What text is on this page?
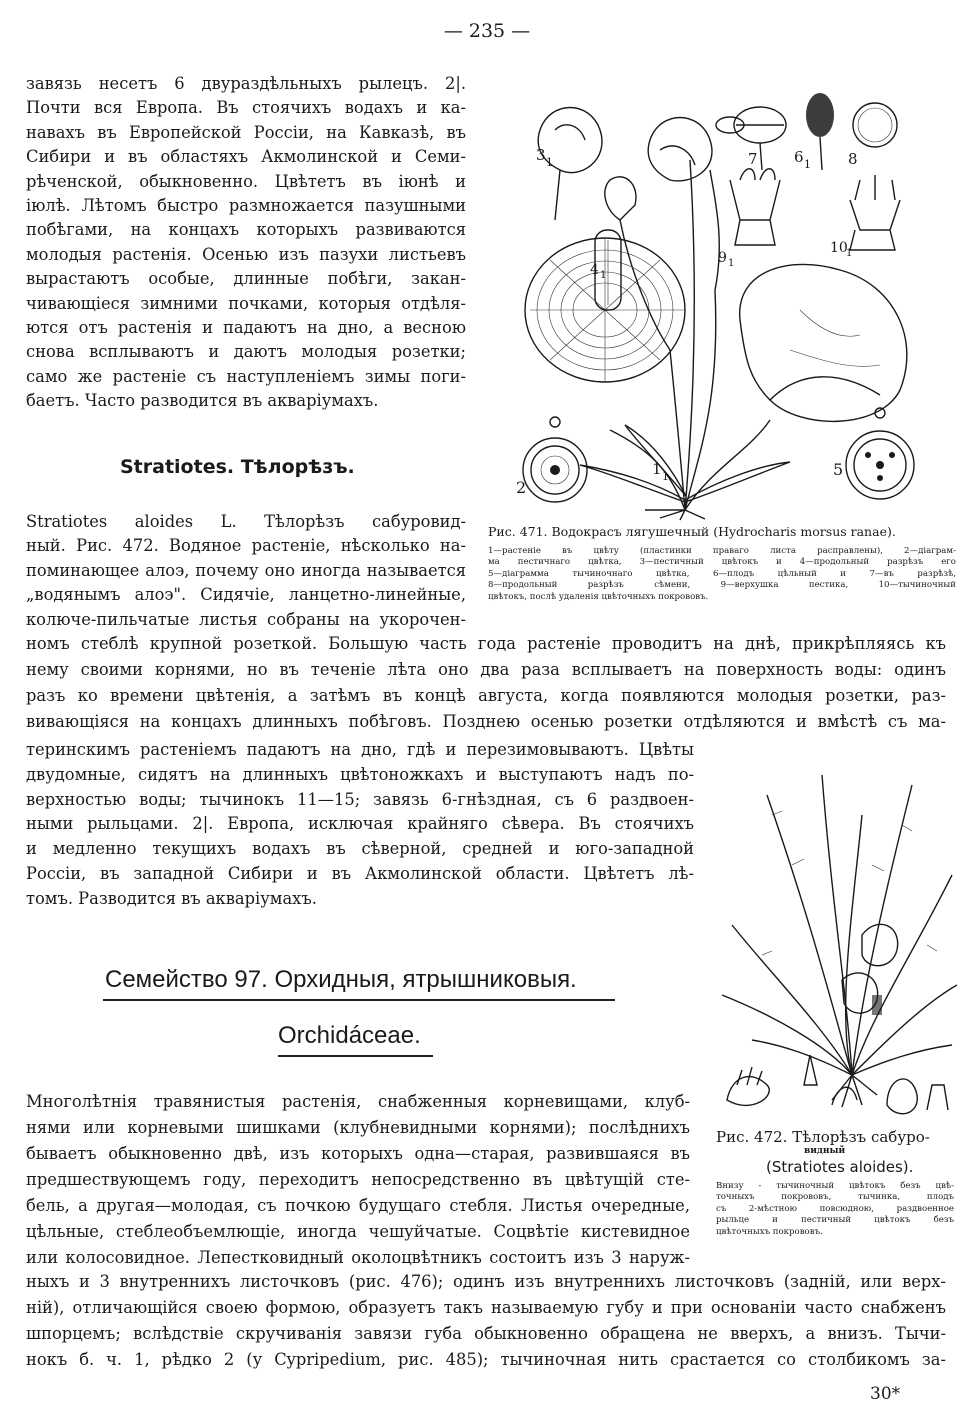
— 235 —
завязь несетъ 6 двураздѣльныхъ рылецъ. 2|.
Почти вся Европа. Въ стоячихъ водахъ и ка-
навахъ въ Европейской Россіи, на Кавказѣ, въ
Сибири и въ областяхъ Акмолинской и Семи-
рѣченской, обыкновенно. Цвѣтетъ въ іюнѣ и
іюлѣ. Лѣтомъ быстро размножается пазушными
побѣгами, на концахъ которыхъ развиваются
молодыя растенія. Осенью изъ пазухи листьевъ
вырастаютъ особые, длинные побѣги, закан-
чивающіеся зимними почками, которыя отдѣля-
ются отъ растенія и падаютъ на дно, а весною
снова всплываютъ и даютъ молодыя розетки;
само же растеніе съ наступленіемъ зимы поги-
баетъ. Часто разводится въ акваріумахъ.
Stratiotes. Тѣлорѣзъ.
Stratiotes aloides L. Тѣлорѣзъ сабуровид-
ный. Рис. 472. Водяное растеніе, нѣсколько на-
поминающее алоэ, почему оно иногда называется
„водянымъ алоэ". Сидячіе, ланцетно-линейные,
колюче-пильчатые листья собраны на укорочен-
номъ стеблѣ крупной розеткой. Большую часть года растеніе проводитъ на днѣ, прикрѣпляясь къ
нему своими корнями, но въ теченіе лѣта оно два раза всплываетъ на поверхность воды: одинъ
разъ ко времени цвѣтенія, а затѣмъ въ концѣ августа, когда появляются молодыя розетки, раз-
вивающіяся на концахъ длинныхъ побѣговъ. Позднею осенью розетки отдѣляются и вмѣстѣ съ ма-
теринскимъ растеніемъ падаютъ на дно, гдѣ и перезимовываютъ. Цвѣты
двудомные, сидятъ на длинныхъ цвѣтоножкахъ и выступаютъ надъ по-
верхностью воды; тычинокъ 11—15; завязь 6-гнѣздная, съ 6 раздвоен-
ными рыльцами. 2|. Европа, исключая крайняго сѣвера. Въ стоячихъ
и медленно текущихъ водахъ въ сѣверной, средней и юго-западной
Россіи, въ западной Сибири и въ Акмолинской области. Цвѣтетъ лѣ-
томъ. Разводится въ акваріумахъ.
Семейство 97. Орхидныя, ятрышниковыя.
Orchidáceae.
Многолѣтнія травянистыя растенія, снабженныя корневищами, клуб-
нями или корневыми шишками (клубневидными корнями); послѣднихъ
бываетъ обыкновенно двѣ, изъ которыхъ одна—старая, развившаяся въ
предшествующемъ году, переходитъ непосредственно въ цвѣтущій сте-
бель, а другая—молодая, съ почкою будущаго стебля. Листья очередные,
цѣльные, стеблеобъемлющіе, иногда чешуйчатые. Соцвѣтіе кистевидное
или колосовидное. Лепестковидный околоцвѣтникъ состоитъ изъ 3 наруж-
ныхъ и 3 внутреннихъ листочковъ (рис. 476); одинъ изъ внутреннихъ листочковъ (задній, или верх-
ній), отличающійся своею формою, образуетъ такъ называемую губу и при основаніи часто снабженъ
шпорцемъ; вслѣдствіе скручиванія завязи губа обыкновенно обращена не вверхъ, а внизъ. Тычи-
нокъ б. ч. 1, рѣдко 2 (у Cypripedium, рис. 485); тычиночная нить срастается со столбикомъ за-
30*
1 1
2
3 1
4 1
5
6 1
7	8
9 1
10
1
Рис. 471. Водокрасъ лягушечный (Hydrocharis morsus ranae).
1—растеніе въ цвѣту (пластинки праваго листа расправлены), 2—діаграм-
ма пестичнаго цвѣтка, 3—пестичный цвѣтокъ и 4—продольный разрѣзъ его
5—діаграмма тычиночнаго цвѣтка, 6—плодъ цѣльный и 7—въ разрѣзѣ,
8—продольный разрѣзъ сѣмени, 9—верхушка пестика, 10—тычиночный
цвѣтокъ, послѣ удаленія цвѣточныхъ покрововъ.
Рис. 472. Тѣлорѣзъ сабуро-
видный
(Stratiotes aloides).
Внизу - тычиночный цвѣтокъ безъ цвѣ-
точныхъ покрововъ, тычинка, плодъ
съ 2-мѣстною повсюдною, раздвоенное
рыльце и пестичный цвѣтокъ безъ
цвѣточныхъ покрововъ.
